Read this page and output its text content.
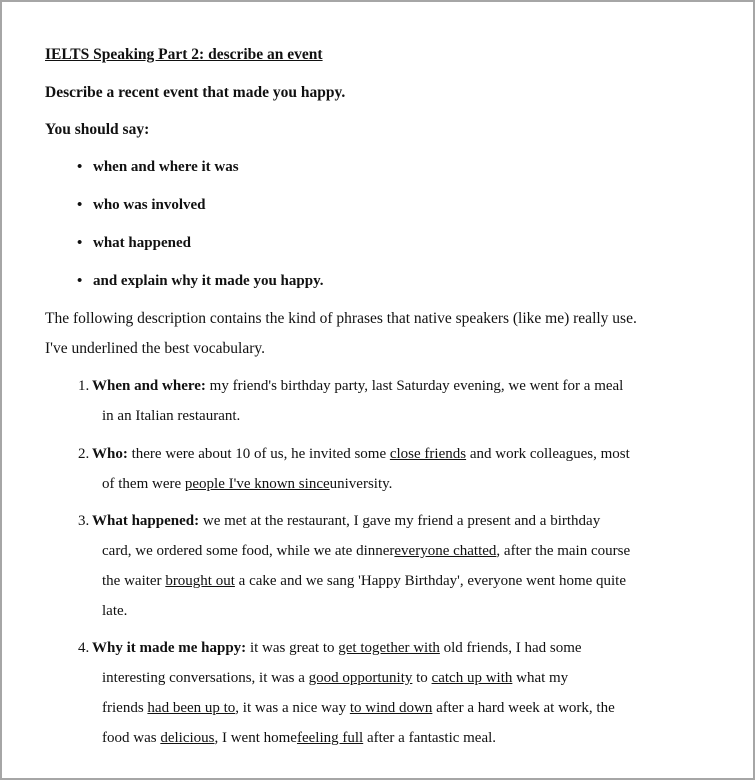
IELTS Speaking Part 2: describe an event
Describe a recent event that made you happy.
You should say:
• when and where it was
• who was involved
• what happened
• and explain why it made you happy.
The following description contains the kind of phrases that native speakers (like me) really use.
I've underlined the best vocabulary.
1. When and where: my friend's birthday party, last Saturday evening, we went for a meal
in an Italian restaurant.
2. Who: there were about 10 of us, he invited some close friends and work colleagues, most
of them were people I've known sinceuniversity.
3. What happened: we met at the restaurant, I gave my friend a present and a birthday
card, we ordered some food, while we ate dinnereveryone chatted, after the main course
the waiter brought out a cake and we sang 'Happy Birthday', everyone went home quite
late.
4. Why it made me happy: it was great to get together with old friends, I had some
interesting conversations, it was a good opportunity to catch up with what my
friends had been up to, it was a nice way to wind down after a hard week at work, the
food was delicious, I went homefeeling full after a fantastic meal.
